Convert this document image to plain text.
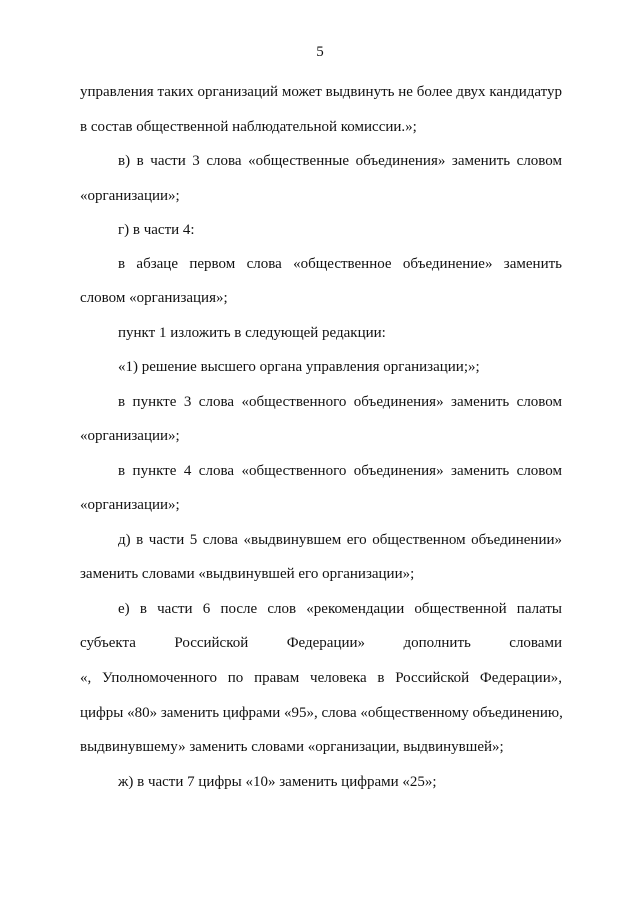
5
управления таких организаций может выдвинуть не более двух кандидатур
в состав общественной наблюдательной комиссии.»;
в) в части 3 слова «общественные объединения» заменить словом
«организации»;
г) в части 4:
в абзаце первом слова «общественное объединение» заменить
словом «организация»;
пункт 1 изложить в следующей редакции:
«1) решение высшего органа управления организации;»;
в пункте 3 слова «общественного объединения» заменить словом
«организации»;
в пункте 4 слова «общественного объединения» заменить словом
«организации»;
д) в части 5 слова «выдвинувшем его общественном объединении»
заменить словами «выдвинувшей его организации»;
е) в части 6 после слов «рекомендации общественной палаты
субъекта Российской Федерации» дополнить словами
«, Уполномоченного по правам человека в Российской Федерации»,
цифры «80» заменить цифрами «95», слова «общественному объединению,
выдвинувшему» заменить словами «организации, выдвинувшей»;
ж) в части 7 цифры «10» заменить цифрами «25»;
